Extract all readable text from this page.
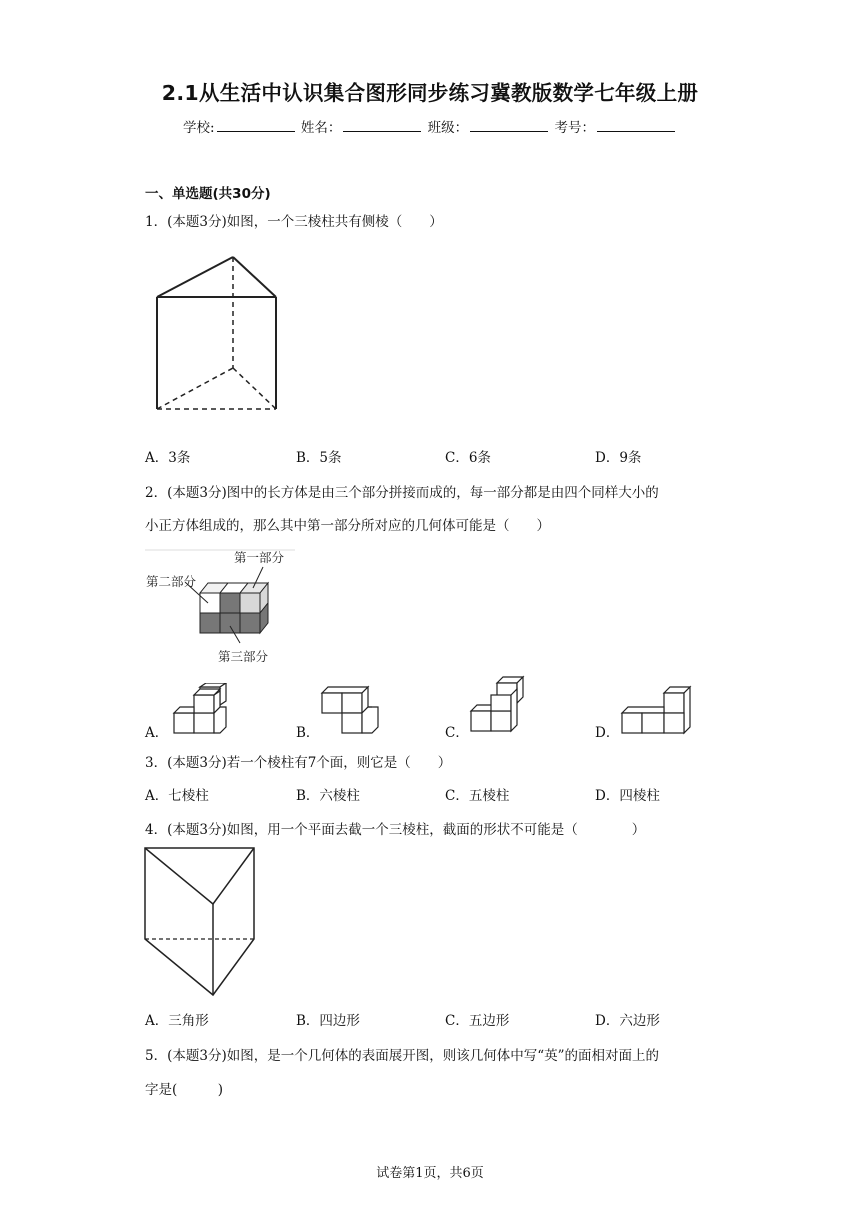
2.1从生活中认识集合图形同步练习冀教版数学七年级上册
学校:	姓名：	班级：	考号：
一、单选题(共30分)
1．(本题3分)如图，一个三棱柱共有侧棱（　　）
A．3条	B．5条	C．6条	D．9条
2．(本题3分)图中的长方体是由三个部分拼接而成的，每一部分都是由四个同样大小的
小正方体组成的，那么其中第一部分所对应的几何体可能是（　　）
第一部分
第二部分
第三部分
A．	B．	C．	D．
3．(本题3分)若一个棱柱有7个面，则它是（　　）
A．七棱柱	B．六棱柱	C．五棱柱	D．四棱柱
4．(本题3分)如图，用一个平面去截一个三棱柱，截面的形状不可能是（　　　　）
A．三角形	B．四边形	C．五边形	D．六边形
5．(本题3分)如图，是一个几何体的表面展开图，则该几何体中写“英”的面相对面上的
字是(　　　)
试卷第1页，共6页
